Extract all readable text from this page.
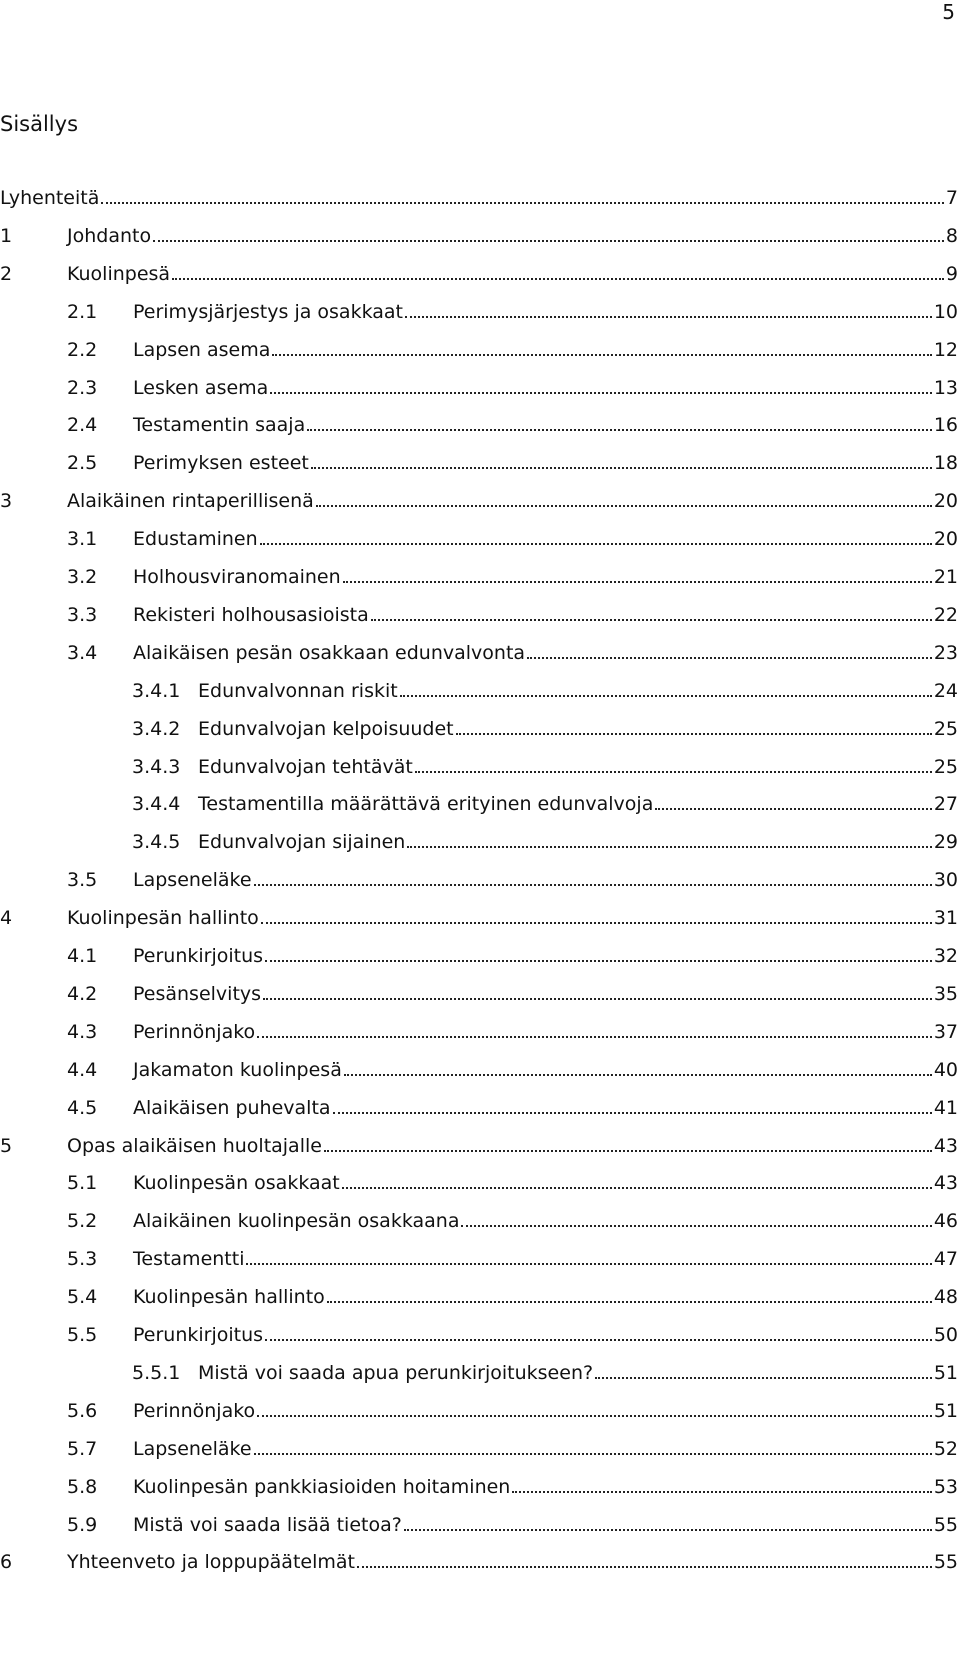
5
Sisällys
Lyhenteitä	7
1	Johdanto	8
2	Kuolinpesä	9
2.1	Perimysjärjestys ja osakkaat	10
2.2	Lapsen asema	12
2.3	Lesken asema	13
2.4	Testamentin saaja	16
2.5	Perimyksen esteet	18
3	Alaikäinen rintaperillisenä	20
3.1	Edustaminen	20
3.2	Holhousviranomainen	21
3.3	Rekisteri holhousasioista	22
3.4	Alaikäisen pesän osakkaan edunvalvonta	23
3.4.1 Edunvalvonnan riskit	24
3.4.2 Edunvalvojan kelpoisuudet	25
3.4.3 Edunvalvojan tehtävät	25
3.4.4 Testamentilla määrättävä erityinen edunvalvoja	27
3.4.5 Edunvalvojan sijainen	29
3.5	Lapseneläke	30
4	Kuolinpesän hallinto	31
4.1	Perunkirjoitus	32
4.2	Pesänselvitys	35
4.3	Perinnönjako	37
4.4	Jakamaton kuolinpesä	40
4.5	Alaikäisen puhevalta	41
5	Opas alaikäisen huoltajalle	43
5.1	Kuolinpesän osakkaat	43
5.2	Alaikäinen kuolinpesän osakkaana	46
5.3	Testamentti	47
5.4	Kuolinpesän hallinto	48
5.5	Perunkirjoitus	50
5.5.1 Mistä voi saada apua perunkirjoitukseen?	51
5.6	Perinnönjako	51
5.7	Lapseneläke	52
5.8	Kuolinpesän pankkiasioiden hoitaminen	53
5.9	Mistä voi saada lisää tietoa?	55
6	Yhteenveto ja loppupäätelmät	55
